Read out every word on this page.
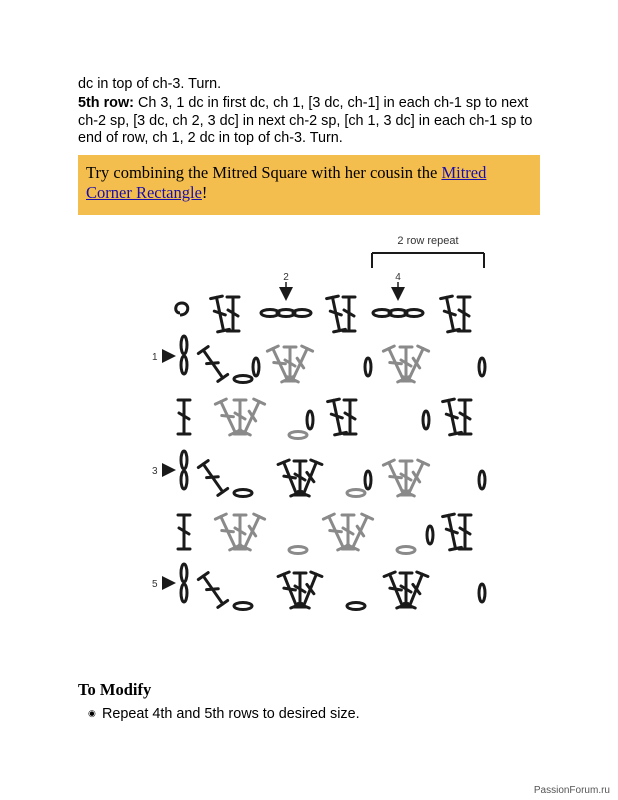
dc in top of ch-3. Turn.
5th row: Ch 3, 1 dc in first dc, ch 1, [3 dc, ch-1] in each ch-1 sp to next ch-2 sp, [3 dc, ch 2, 3 dc] in next ch-2 sp, [ch 1, 3 dc] in each ch-1 sp to end of row, ch 1, 2 dc in top of ch-3. Turn.
Try combining the Mitred Square with her cousin the Mitred Corner Rectangle!
2 row repeat
2	4
1
3
5
To Modify
◉ Repeat 4th and 5th rows to desired size.
PassionForum.ru
